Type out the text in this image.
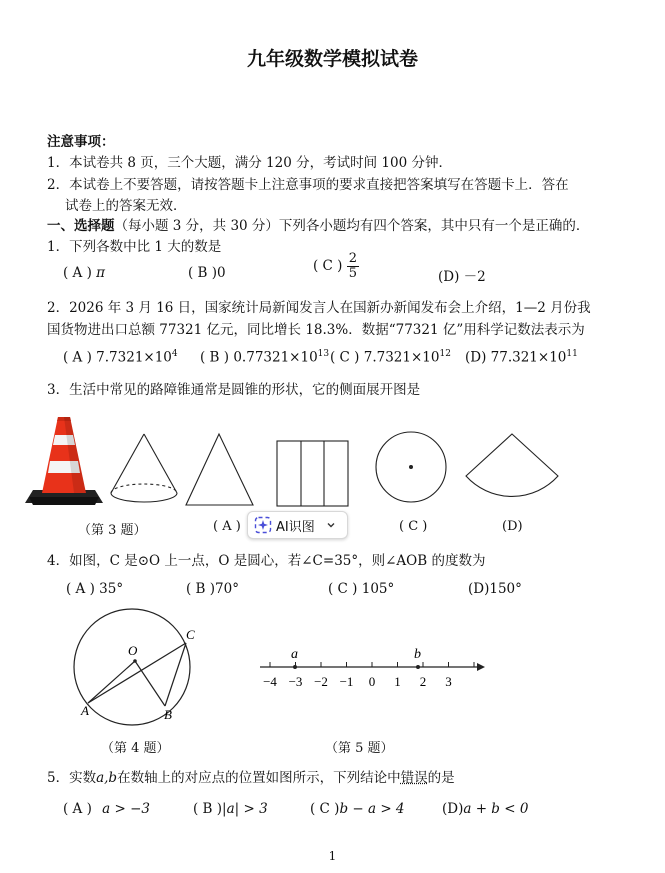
九年级数学模拟试卷
注意事项：
1．本试卷共 8 页，三个大题，满分 120 分，考试时间 100 分钟．
2．本试卷上不要答题，请按答题卡上注意事项的要求直接把答案填写在答题卡上．答在
试卷上的答案无效．
一、选择题（每小题 3 分，共 30 分）下列各小题均有四个答案，其中只有一个是正确的．
1．下列各数中比 1 大的数是
( A ) π	( B )0	( C ) $\frac{2}{5}$	(D) －2
2．2026 年 3 月 16 日，国家统计局新闻发言人在国新办新闻发布会上介绍，1—2 月份我
国货物进出口总额 77321 亿元，同比增长 18.3%．数据“77321 亿”用科学记数法表示为
( A ) $7.7321\times 10^4$ ( B ) $0.77321\times 10^{13}$ ( C ) $7.7321\times 10^{12}$ (D) $77.321\times 10^{11}$
3．生活中常见的路障锥通常是圆锥的形状，它的侧面展开图是
（第 3 题）	( A )	( C )	(D)
AI识图
4．如图，C 是⊙O 上一点，O 是圆心，若∠C=35°，则∠AOB 的度数为
( A ) 35°	( B )70°	( C ) 105°	(D)150°
O
C
A	B
（第 4 题）
−4 −3 −2 −1 0 1 2 3
a	b
（第 5 题）
5．实数a,b在数轴上的对应点的位置如图所示，下列结论中错误的是
( A ) a > −3	( B )|a| > 3	( C )b − a > 4	(D)a + b < 0
1
